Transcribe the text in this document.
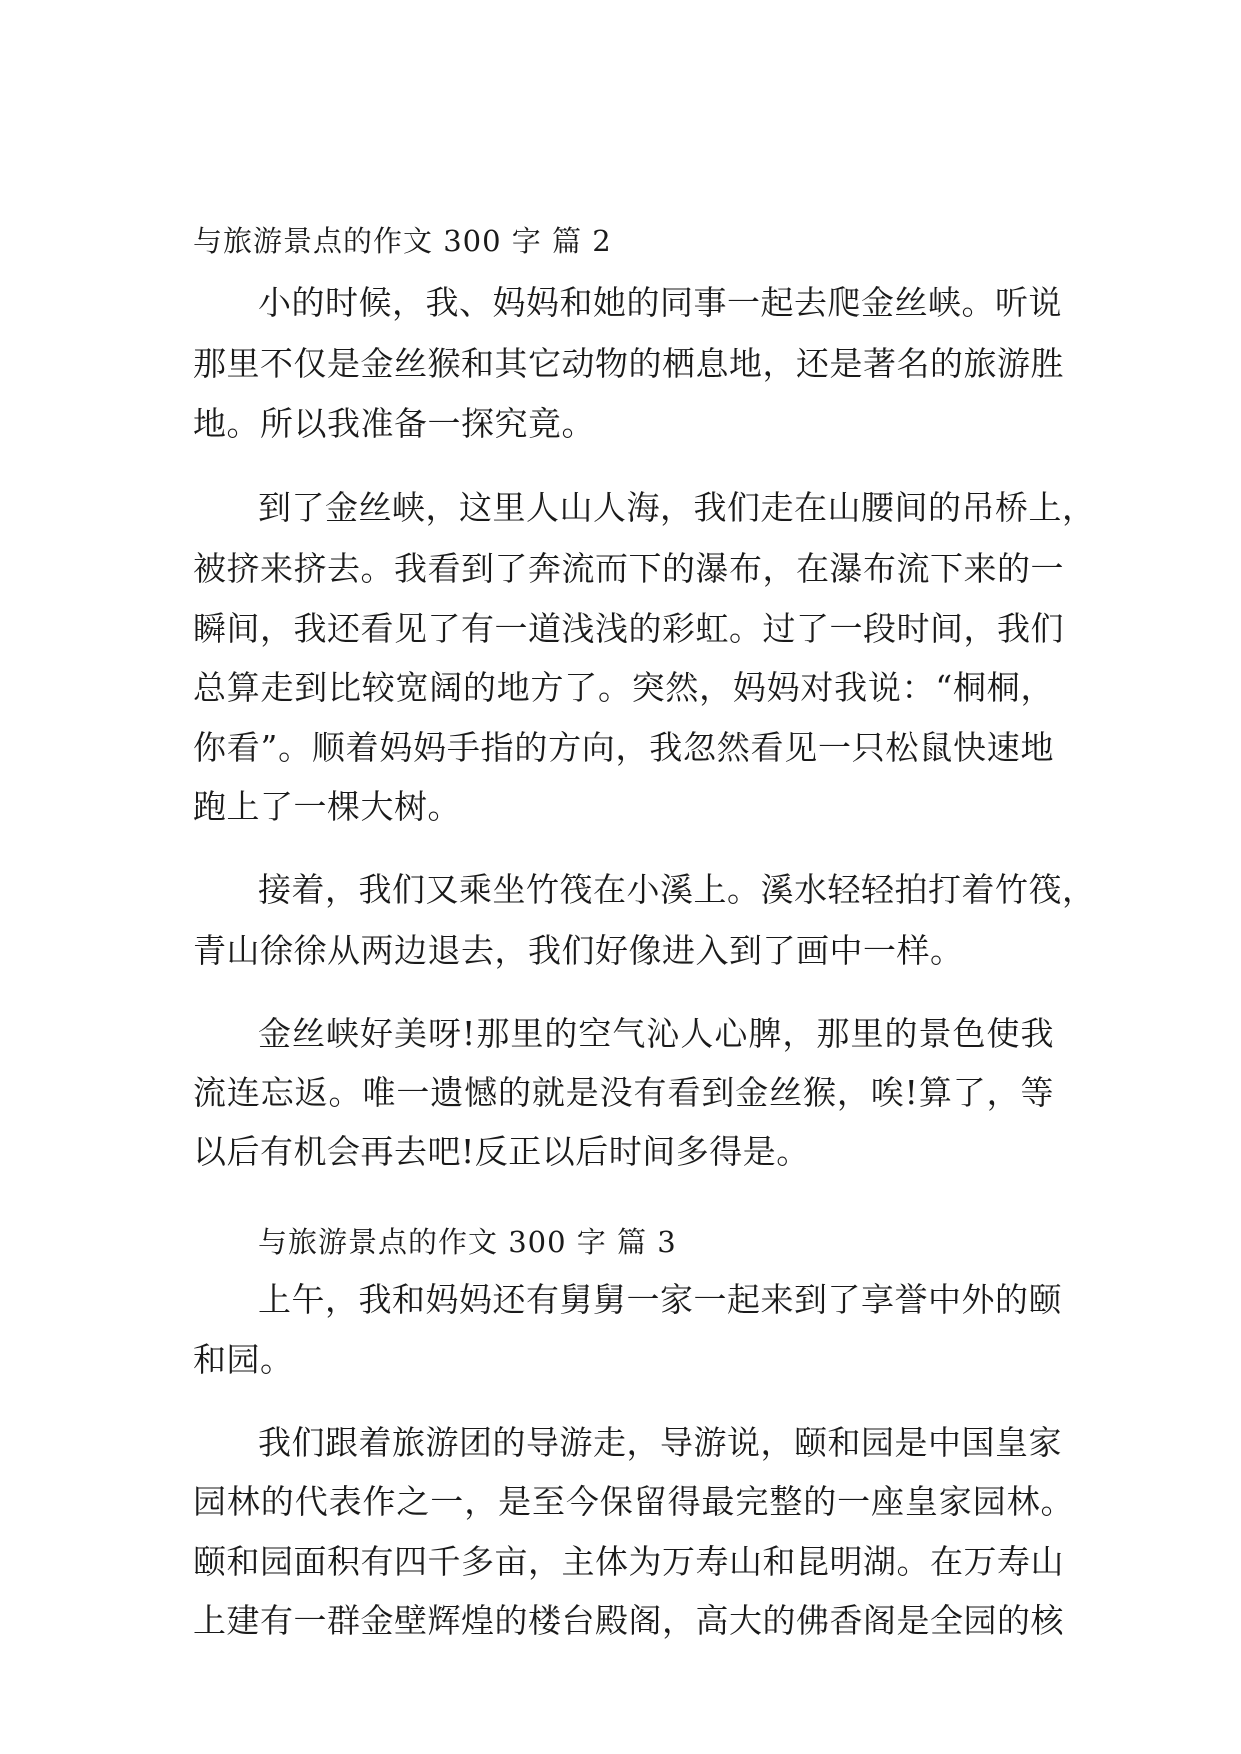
与旅游景点的作文 300 字 篇 2
小的时候，我、妈妈和她的同事一起去爬金丝峡。听说
那里不仅是金丝猴和其它动物的栖息地，还是著名的旅游胜
地。所以我准备一探究竟。
到了金丝峡，这里人山人海，我们走在山腰间的吊桥上，
被挤来挤去。我看到了奔流而下的瀑布，在瀑布流下来的一
瞬间，我还看见了有一道浅浅的彩虹。过了一段时间，我们
总算走到比较宽阔的地方了。突然，妈妈对我说：“桐桐，
你看”。顺着妈妈手指的方向，我忽然看见一只松鼠快速地
跑上了一棵大树。
接着，我们又乘坐竹筏在小溪上。溪水轻轻拍打着竹筏，
青山徐徐从两边退去，我们好像进入到了画中一样。
金丝峡好美呀!那里的空气沁人心脾，那里的景色使我
流连忘返。唯一遗憾的就是没有看到金丝猴，唉!算了，等
以后有机会再去吧!反正以后时间多得是。
与旅游景点的作文 300 字 篇 3
上午，我和妈妈还有舅舅一家一起来到了享誉中外的颐
和园。
我们跟着旅游团的导游走，导游说，颐和园是中国皇家
园林的代表作之一，是至今保留得最完整的一座皇家园林。
颐和园面积有四千多亩，主体为万寿山和昆明湖。在万寿山
上建有一群金壁辉煌的楼台殿阁，高大的佛香阁是全园的核
